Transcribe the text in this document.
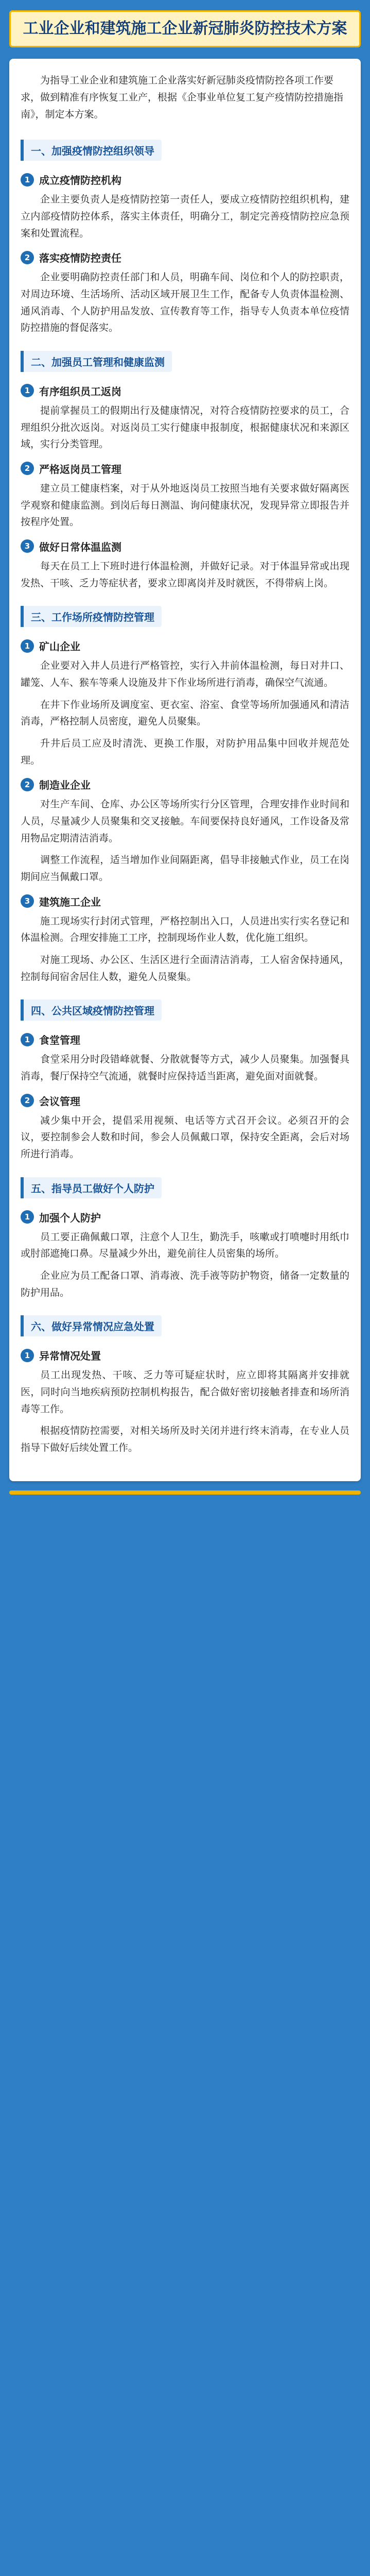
工业企业和建筑施工企业新冠肺炎防控技术方案

为指导工业企业和建筑施工企业落实好新冠肺炎疫情防控各项工作要求，做到精准有序恢复工业产，根据《企事业单位复工复产疫情防控措施指南》，制定本方案。

一、加强疫情防控组织领导
1 成立疫情防控机构

企业主要负责人是疫情防控第一责任人，要成立疫情防控组织机构，建立内部疫情防控体系，落实主体责任，明确分工，制定完善疫情防控应急预案和处置流程。

2 落实疫情防控责任

企业要明确防控责任部门和人员，明确车间、岗位和个人的防控职责，对周边环境、生活场所、活动区域开展卫生工作，配备专人负责体温检测、通风消毒、个人防护用品发放、宣传教育等工作，指导专人负责本单位疫情防控措施的督促落实。

二、加强员工管理和健康监测
1 有序组织员工返岗

提前掌握员工的假期出行及健康情况，对符合疫情防控要求的员工，合理组织分批次返岗。对返岗员工实行健康申报制度，根据健康状况和来源区域，实行分类管理。

2 严格返岗员工管理

建立员工健康档案，对于从外地返岗员工按照当地有关要求做好隔离医学观察和健康监测。到岗后每日测温、询问健康状况，发现异常立即报告并按程序处置。

3 做好日常体温监测

每天在员工上下班时进行体温检测，并做好记录。对于体温异常或出现发热、干咳、乏力等症状者，要求立即离岗并及时就医，不得带病上岗。

三、工作场所疫情防控管理
1 矿山企业

企业要对入井人员进行严格管控，实行入井前体温检测，每日对井口、罐笼、人车、猴车等乘人设施及井下作业场所进行消毒，确保空气流通。

在井下作业场所及调度室、更衣室、浴室、食堂等场所加强通风和清洁消毒，严格控制人员密度，避免人员聚集。

升井后员工应及时清洗、更换工作服，对防护用品集中回收并规范处理。

2 制造业企业

对生产车间、仓库、办公区等场所实行分区管理，合理安排作业时间和人员，尽量减少人员聚集和交叉接触。车间要保持良好通风，工作设备及常用物品定期清洁消毒。

调整工作流程，适当增加作业间隔距离，倡导非接触式作业，员工在岗期间应当佩戴口罩。

3 建筑施工企业

施工现场实行封闭式管理，严格控制出入口，人员进出实行实名登记和体温检测。合理安排施工工序，控制现场作业人数，优化施工组织。

对施工现场、办公区、生活区进行全面清洁消毒，工人宿舍保持通风，控制每间宿舍居住人数，避免人员聚集。

四、公共区域疫情防控管理
1 食堂管理

食堂采用分时段错峰就餐、分散就餐等方式，减少人员聚集。加强餐具消毒，餐厅保持空气流通，就餐时应保持适当距离，避免面对面就餐。

2 会议管理

减少集中开会，提倡采用视频、电话等方式召开会议。必须召开的会议，要控制参会人数和时间，参会人员佩戴口罩，保持安全距离，会后对场所进行消毒。

五、指导员工做好个人防护
1 加强个人防护

员工要正确佩戴口罩，注意个人卫生，勤洗手，咳嗽或打喷嚏时用纸巾或肘部遮掩口鼻。尽量减少外出，避免前往人员密集的场所。

企业应为员工配备口罩、消毒液、洗手液等防护物资，储备一定数量的防护用品。

六、做好异常情况应急处置
1 异常情况处置

员工出现发热、干咳、乏力等可疑症状时，应立即将其隔离并安排就医，同时向当地疾病预防控制机构报告，配合做好密切接触者排查和场所消毒等工作。

根据疫情防控需要，对相关场所及时关闭并进行终末消毒，在专业人员指导下做好后续处置工作。
